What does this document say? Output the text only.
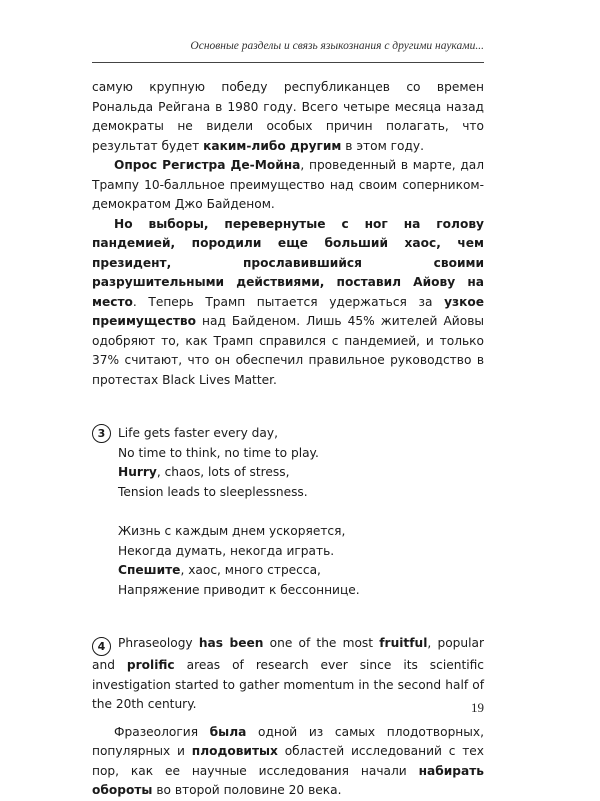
Основные разделы и связь языкознания с другими науками...

самую крупную победу республиканцев со времен Рональда Рейгана в 1980 году. Всего четыре месяца назад демократы не видели особых причин полагать, что результат будет каким-либо другим в этом году.

Опрос Регистра Де-Мойна, проведенный в марте, дал Трампу 10-балльное преимущество над своим соперником-демократом Джо Байденом.

Но выборы, перевернутые с ног на голову пандемией, породили еще больший хаос, чем президент, прославившийся своими разрушительными действиями, поставил Айову на место. Теперь Трамп пытается удержаться за узкое преимущество над Байденом. Лишь 45% жителей Айовы одобряют то, как Трамп справился с пандемией, и только 37% считают, что он обеспечил правильное руководство в протестах Black Lives Matter.

3	Life gets faster every day,

No time to think, no time to play.

Hurry, chaos, lots of stress,

Tension leads to sleeplessness.

Жизнь с каждым днем ускоряется,

Некогда думать, некогда играть.

Спешите, хаос, много стресса,

Напряжение приводит к бессоннице.

4 Phraseology has been one of the most fruitful, popular and prolific areas of research ever since its scientific investigation started to gather momentum in the second half of the 20th century.

Фразеология была одной из самых плодотворных, популярных и плодовитых областей исследований с тех пор, как ее научные исследования начали набирать обороты во второй половине 20 века.

19
